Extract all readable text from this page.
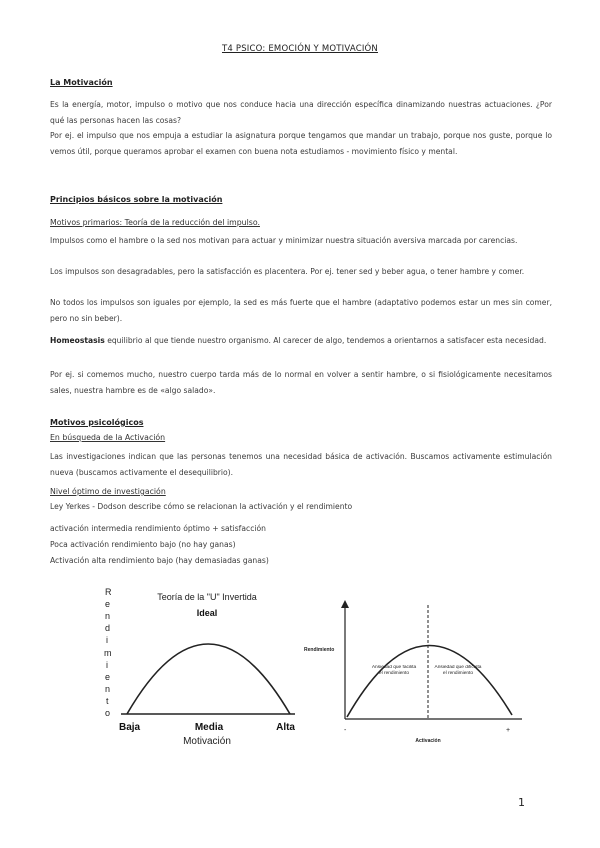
T4 PSICO: EMOCIÓN Y MOTIVACIÓN
La Motivación
Es la energía, motor, impulso o motivo que nos conduce hacia una dirección específica dinamizando nuestras actuaciones. ¿Por qué las personas hacen las cosas?
Por ej. el impulso que nos empuja a estudiar la asignatura porque tengamos que mandar un trabajo, porque nos guste, porque lo vemos útil, porque queramos aprobar el examen con buena nota estudiamos - movimiento físico y mental.
Principios básicos sobre la motivación
Motivos primarios: Teoría de la reducción del impulso.
Impulsos como el hambre o la sed nos motivan para actuar y minimizar nuestra situación aversiva marcada por carencias.
Los impulsos son desagradables, pero la satisfacción es placentera. Por ej. tener sed y beber agua, o tener hambre y comer.
No todos los impulsos son iguales por ejemplo, la sed es más fuerte que el hambre (adaptativo podemos estar un mes sin comer, pero no sin beber).
Homeostasis equilibrio al que tiende nuestro organismo. Al carecer de algo, tendemos a orientarnos a satisfacer esta necesidad.
Por ej. si comemos mucho, nuestro cuerpo tarda más de lo normal en volver a sentir hambre, o si fisiológicamente necesitamos sales, nuestra hambre es de «algo salado».
Motivos psicológicos
En búsqueda de la Activación
Las investigaciones indican que las personas tenemos una necesidad básica de activación. Buscamos activamente estimulación nueva (buscamos activamente el desequilibrio).
Nivel óptimo de investigación
Ley Yerkes - Dodson describe cómo se relacionan la activación y el rendimiento
activación intermedia rendimiento óptimo + satisfacción
Poca activación rendimiento bajo (no hay ganas)
Activación alta rendimiento bajo (hay demasiadas ganas)
Teoría de la "U" Invertida
Ideal
R
e
n
d
i
m
i
e
n
t
o
Baja	Media	Alta
Motivación
Rendimiento
Ansiedad que facilita el rendimiento
Ansiedad que dificulta el rendimiento
-	+
Activación
1
